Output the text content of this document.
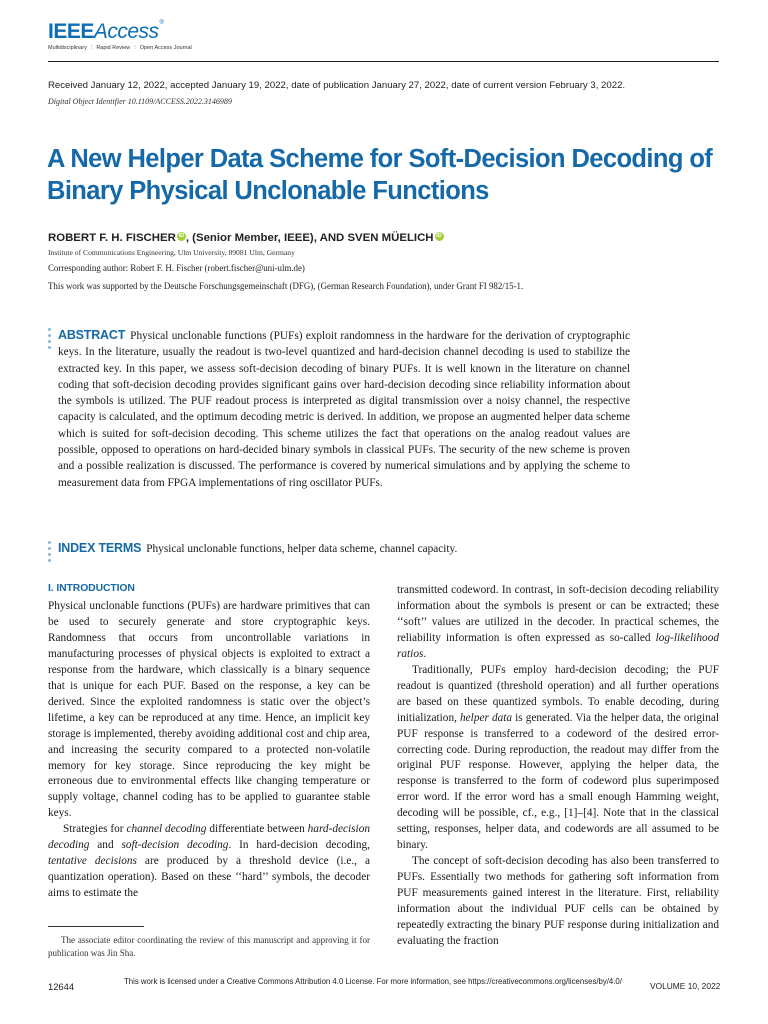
IEEEAccess®
Multidisciplinary ⋮ Rapid Review ⋮ Open Access Journal
Received January 12, 2022, accepted January 19, 2022, date of publication January 27, 2022, date of current version February 3, 2022.
Digital Object Identifier 10.1109/ACCESS.2022.3146989
A New Helper Data Scheme for Soft-Decision Decoding of Binary Physical Unclonable Functions
ROBERT F. H. FISCHER iD , (Senior Member, IEEE), AND SVEN MÜELICH iD
Institute of Communications Engineering, Ulm University, 89081 Ulm, Germany
Corresponding author: Robert F. H. Fischer (robert.fischer@uni-ulm.de)
This work was supported by the Deutsche Forschungsgemeinschaft (DFG), (German Research Foundation), under Grant FI 982/15-1.
ABSTRACT Physical unclonable functions (PUFs) exploit randomness in the hardware for the derivation of cryptographic keys. In the literature, usually the readout is two-level quantized and hard-decision channel decoding is used to stabilize the extracted key. In this paper, we assess soft-decision decoding of binary PUFs. It is well known in the literature on channel coding that soft-decision decoding provides significant gains over hard-decision decoding since reliability information about the symbols is utilized. The PUF readout process is interpreted as digital transmission over a noisy channel, the respective capacity is calculated, and the optimum decoding metric is derived. In addition, we propose an augmented helper data scheme which is suited for soft-decision decoding. This scheme utilizes the fact that operations on the analog readout values are possible, opposed to operations on hard-decided binary symbols in classical PUFs. The security of the new scheme is proven and a possible realization is discussed. The performance is covered by numerical simulations and by applying the scheme to measurement data from FPGA implementations of ring oscillator PUFs.
INDEX TERMS Physical unclonable functions, helper data scheme, channel capacity.
I. INTRODUCTION

Physical unclonable functions (PUFs) are hardware primitives that can be used to securely generate and store cryptographic keys. Randomness that occurs from uncontrollable variations in manufacturing processes of physical objects is exploited to extract a response from the hardware, which classically is a binary sequence that is unique for each PUF. Based on the response, a key can be derived. Since the exploited randomness is static over the object’s lifetime, a key can be reproduced at any time. Hence, an implicit key storage is implemented, thereby avoiding additional cost and chip area, and increasing the security compared to a protected non-volatile memory for key storage. Since reproducing the key might be erroneous due to environmental effects like changing temperature or supply voltage, channel coding has to be applied to guarantee stable keys.

Strategies for channel decoding differentiate between hard-decision decoding and soft-decision decoding. In hard-decision decoding, tentative decisions are produced by a threshold device (i.e., a quantization operation). Based on these ‘‘hard’’ symbols, the decoder aims to estimate the

transmitted codeword. In contrast, in soft-decision decoding reliability information about the symbols is present or can be extracted; these ‘‘soft’’ values are utilized in the decoder. In practical schemes, the reliability information is often expressed as so-called log-likelihood ratios.

Traditionally, PUFs employ hard-decision decoding; the PUF readout is quantized (threshold operation) and all further operations are based on these quantized symbols. To enable decoding, during initialization, helper data is generated. Via the helper data, the original PUF response is transferred to a codeword of the desired error-correcting code. During reproduction, the readout may differ from the original PUF response. However, applying the helper data, the response is transferred to the form of codeword plus superimposed error word. If the error word has a small enough Hamming weight, decoding will be possible, cf., e.g., [1]–[4]. Note that in the classical setting, responses, helper data, and codewords are all assumed to be binary.

The concept of soft-decision decoding has also been transferred to PUFs. Essentially two methods for gathering soft information from PUF measurements gained interest in the literature. First, reliability information about the individual PUF cells can be obtained by repeatedly extracting the binary PUF response during initialization and evaluating the fraction

The associate editor coordinating the review of this manuscript and approving it for publication was Jin Sha.
12644	This work is licensed under a Creative Commons Attribution 4.0 License. For more information, see https://creativecommons.org/licenses/by/4.0/	VOLUME 10, 2022
